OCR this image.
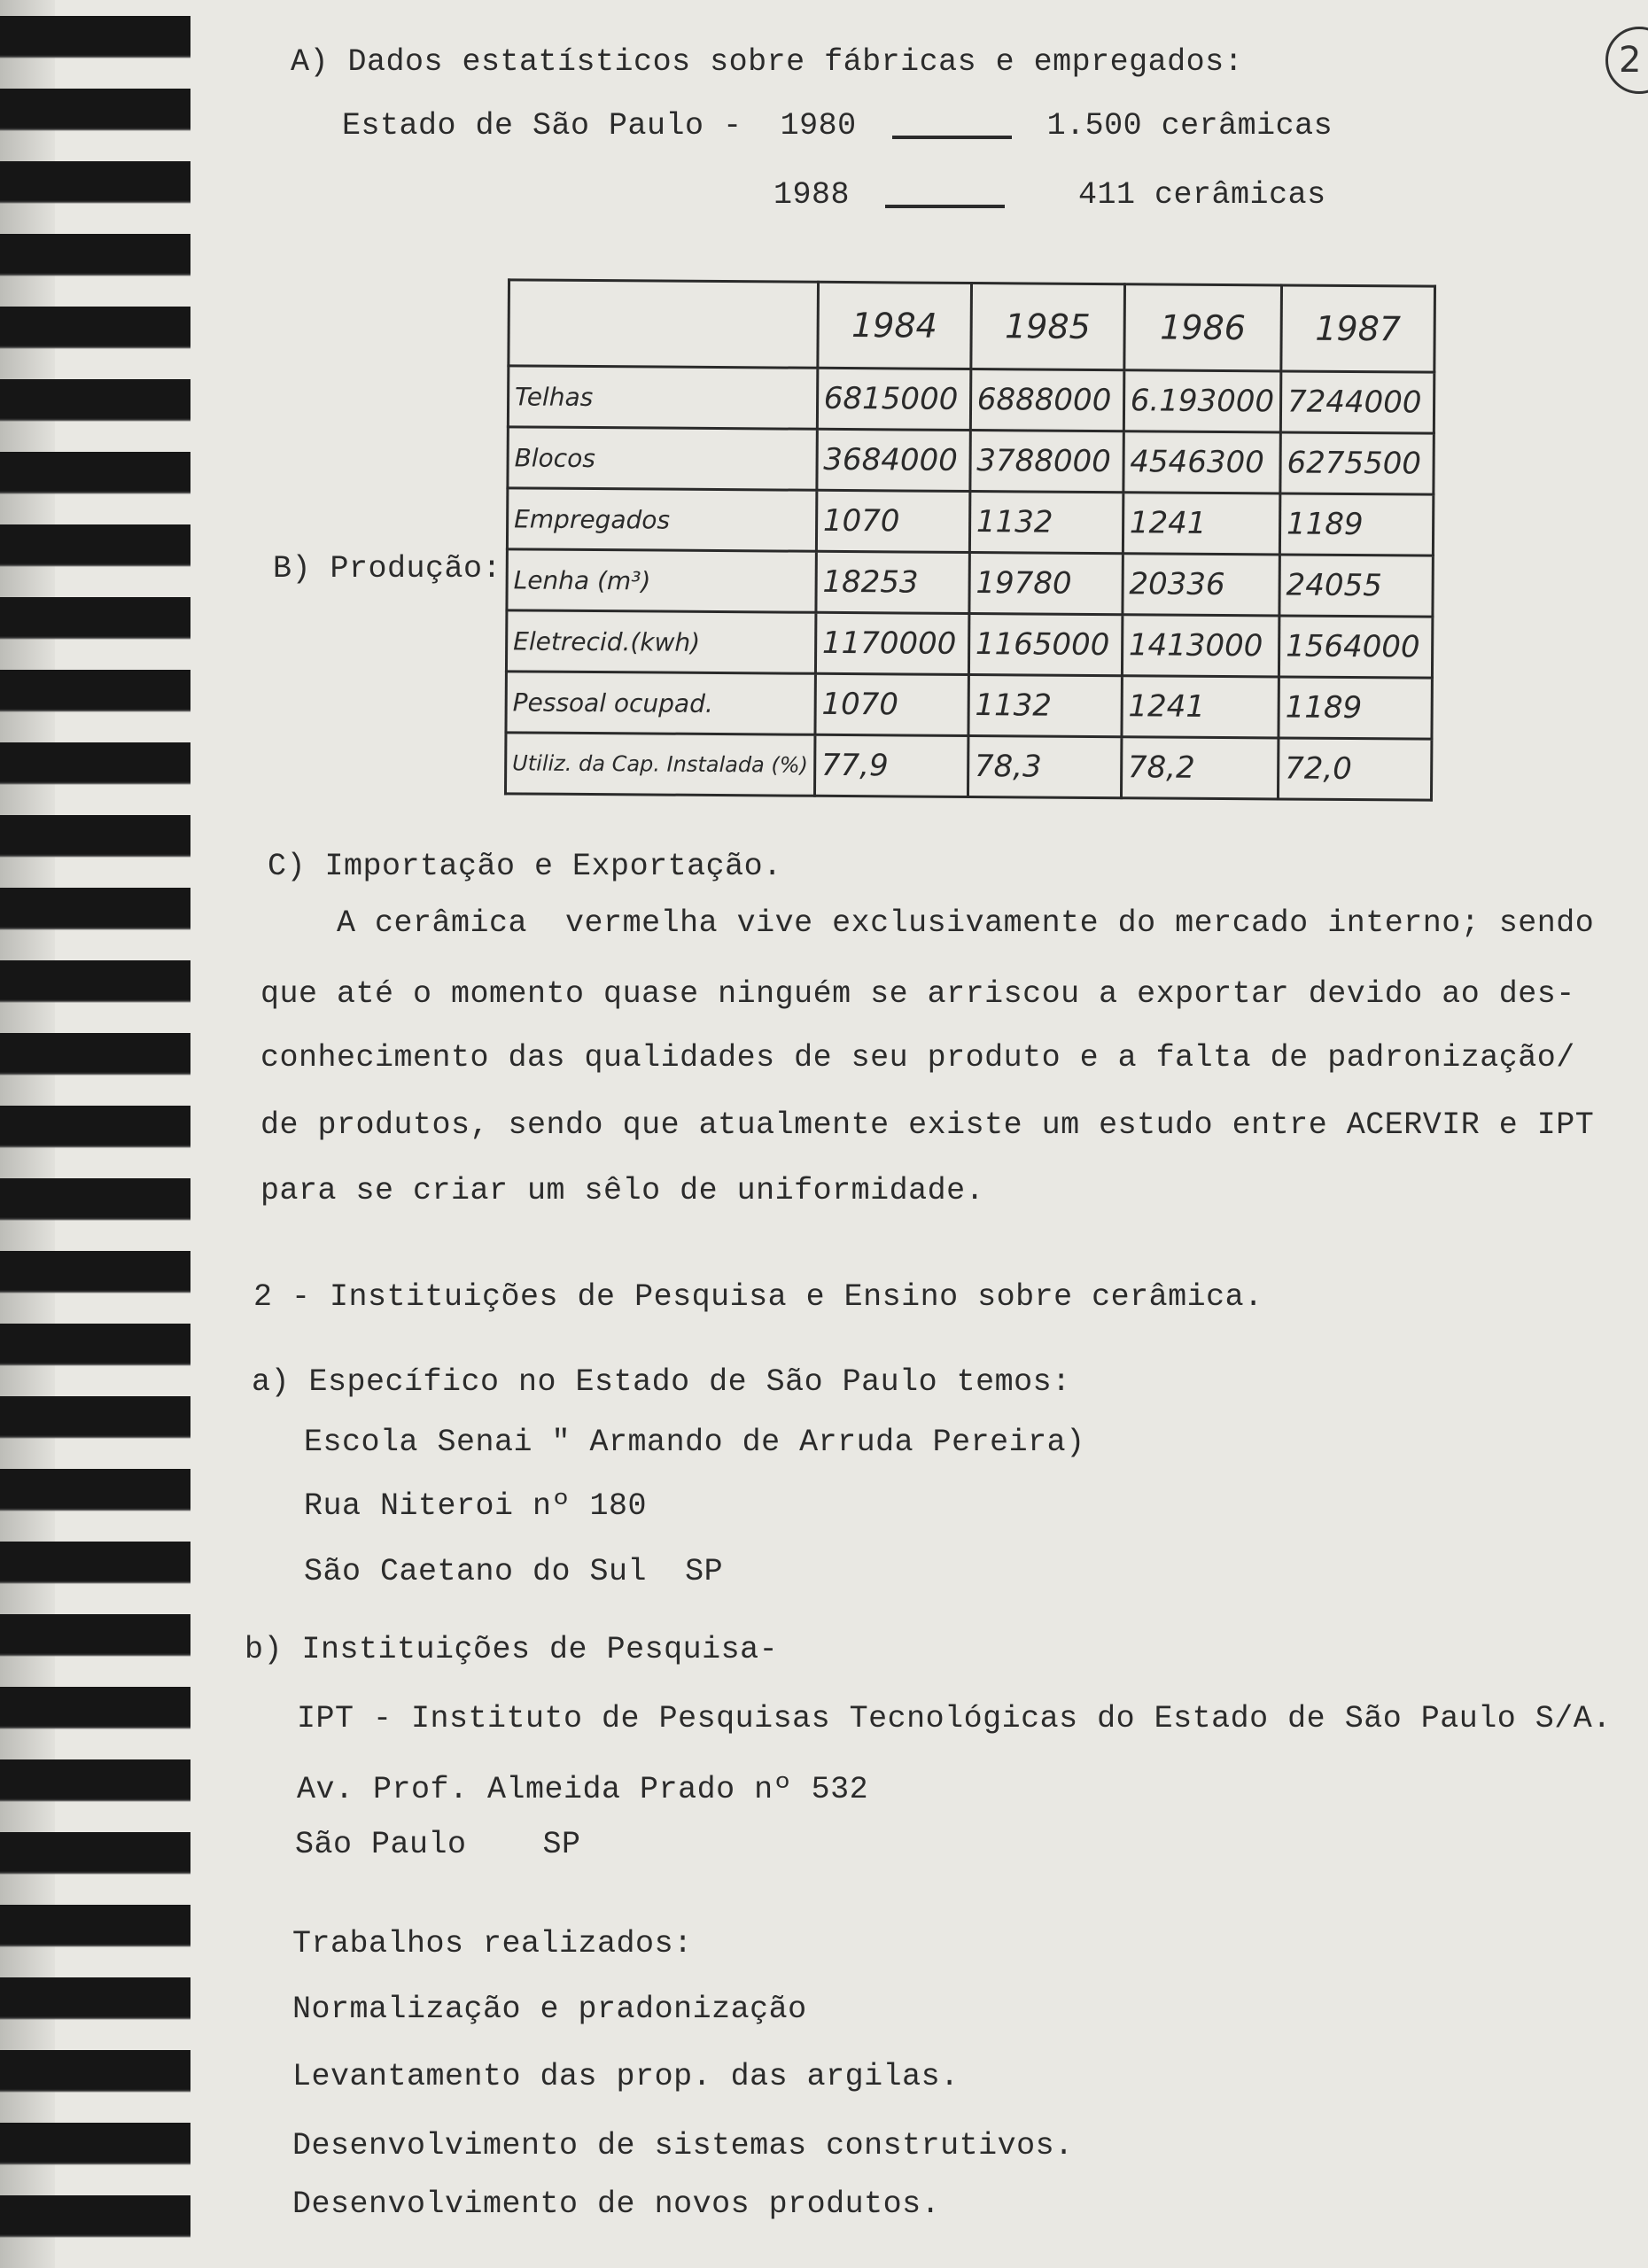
2
A) Dados estatísticos sobre fábricas e empregados:
Estado de São Paulo - 1980	1.500 cerâmicas
1988	411 cerâmicas
B) Produção:
	1984	1985	1986	1987
Telhas	6815000	6888000	6.193000	7244000
Blocos	3684000	3788000	4546300	6275500
Empregados	1070	1132	1241	1189
Lenha (m³)	18253	19780	20336	24055
Eletrecid.(kwh)	1170000	1165000	1413000	1564000
Pessoal ocupad.	1070	1132	1241	1189
Utiliz. da Cap. Instalada (%)	77,9	78,3	78,2	72,0
C) Importação e Exportação.
A cerâmica  vermelha vive exclusivamente do mercado interno; sendo
que até o momento quase ninguém se arriscou a exportar devido ao des-
conhecimento das qualidades de seu produto e a falta de padronização/
de produtos, sendo que atualmente existe um estudo entre ACERVIR e IPT
para se criar um sêlo de uniformidade.
2 - Instituições de Pesquisa e Ensino sobre cerâmica.
a) Específico no Estado de São Paulo temos:
Escola Senai " Armando de Arruda Pereira)
Rua Niteroi nº 180
São Caetano do Sul  SP
b) Instituições de Pesquisa-
IPT - Instituto de Pesquisas Tecnológicas do Estado de São Paulo S/A.
Av. Prof. Almeida Prado nº 532
São Paulo    SP
Trabalhos realizados:
Normalização e pradonização
Levantamento das prop. das argilas.
Desenvolvimento de sistemas construtivos.
Desenvolvimento de novos produtos.
